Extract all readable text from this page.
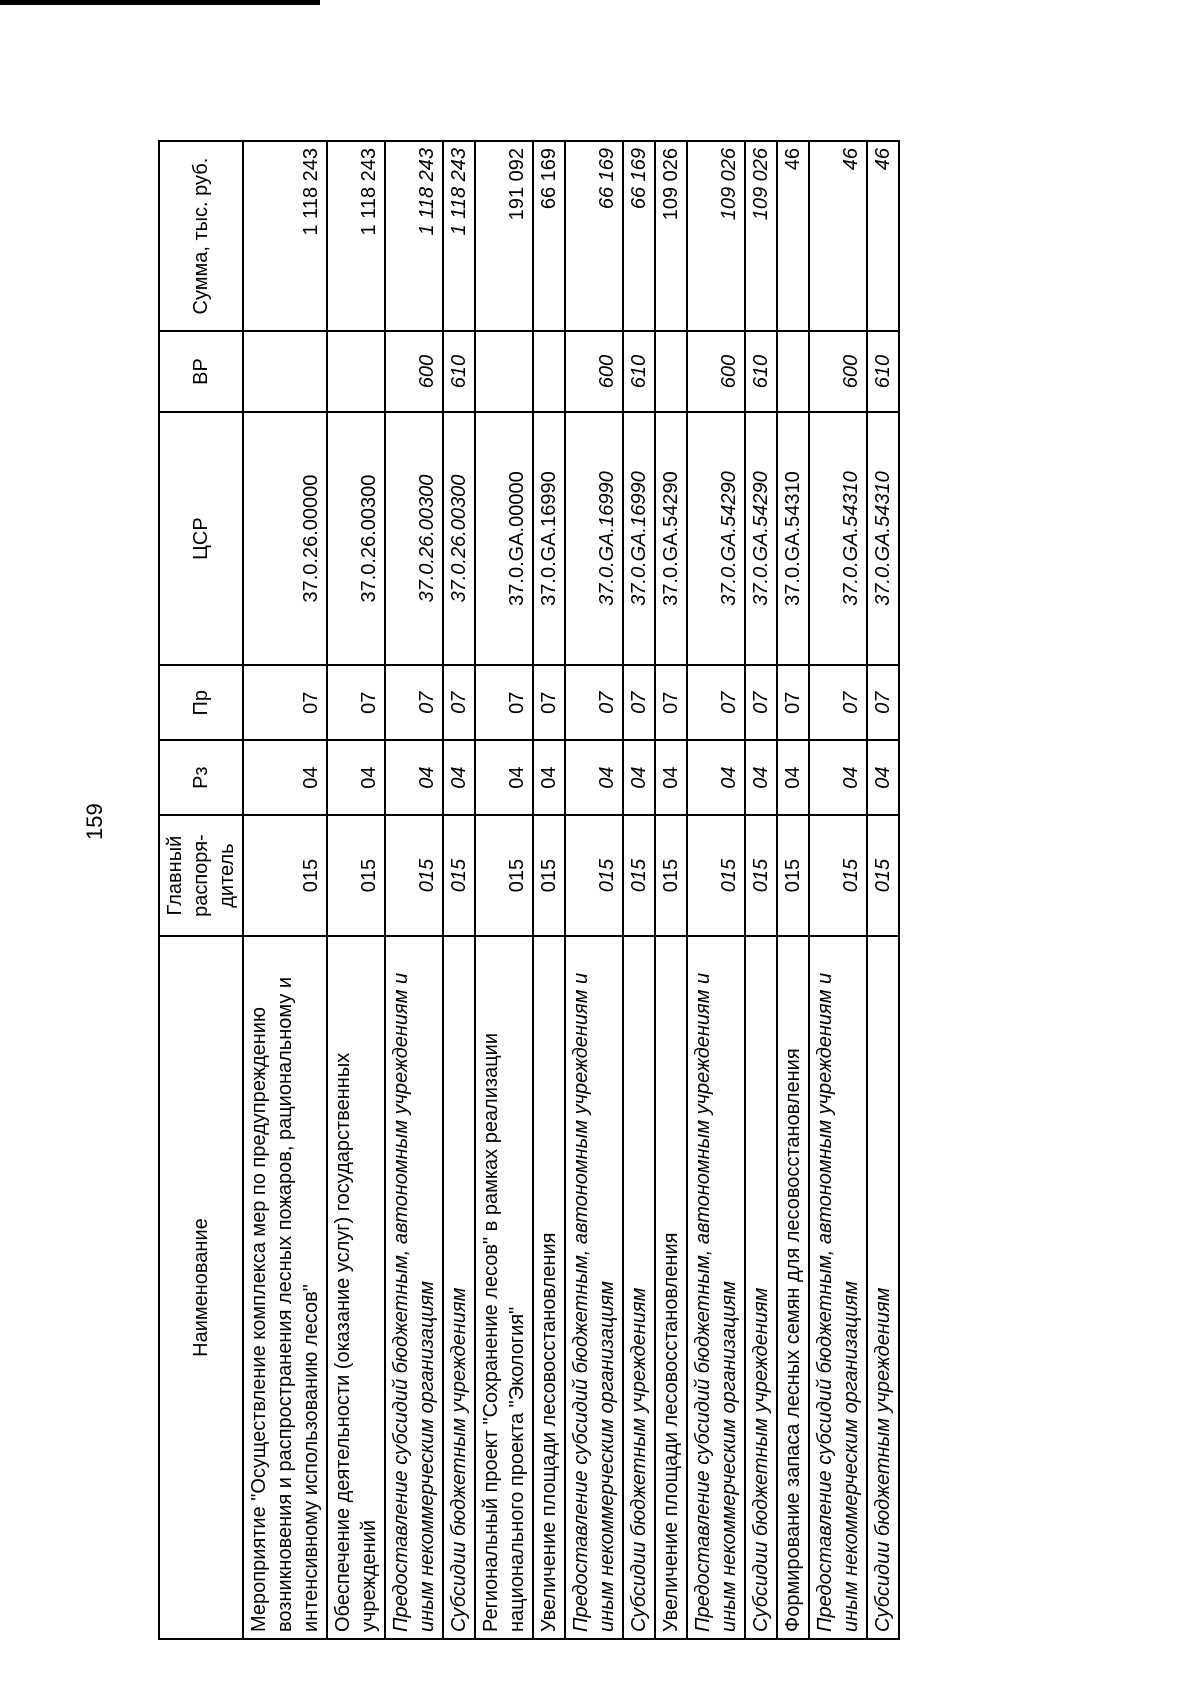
159
Наименование	Главный распоря-дитель	Рз	Пр	ЦСР	ВР	Сумма, тыс. руб.
Мероприятие "Осуществление комплекса мер по предупреждению возникновения и распространения лесных пожаров, рациональному и интенсивному использованию лесов"	015	04	07	37.0.26.00000		1 118 243
Обеспечение деятельности (оказание услуг) государственных учреждений	015	04	07	37.0.26.00300		1 118 243
Предоставление субсидий бюджетным, автономным учреждениям и иным некоммерческим организациям	015	04	07	37.0.26.00300	600	1 118 243
Субсидии бюджетным учреждениям	015	04	07	37.0.26.00300	610	1 118 243
Региональный проект "Сохранение лесов" в рамках реализации национального проекта "Экология"	015	04	07	37.0.GA.00000		191 092
Увеличение площади лесовосстановления	015	04	07	37.0.GA.16990		66 169
Предоставление субсидий бюджетным, автономным учреждениям и иным некоммерческим организациям	015	04	07	37.0.GA.16990	600	66 169
Субсидии бюджетным учреждениям	015	04	07	37.0.GA.16990	610	66 169
Увеличение площади лесовосстановления	015	04	07	37.0.GA.54290		109 026
Предоставление субсидий бюджетным, автономным учреждениям и иным некоммерческим организациям	015	04	07	37.0.GA.54290	600	109 026
Субсидии бюджетным учреждениям	015	04	07	37.0.GA.54290	610	109 026
Формирование запаса лесных семян для лесовосстановления	015	04	07	37.0.GA.54310		46
Предоставление субсидий бюджетным, автономным учреждениям и иным некоммерческим организациям	015	04	07	37.0.GA.54310	600	46
Субсидии бюджетным учреждениям	015	04	07	37.0.GA.54310	610	46
